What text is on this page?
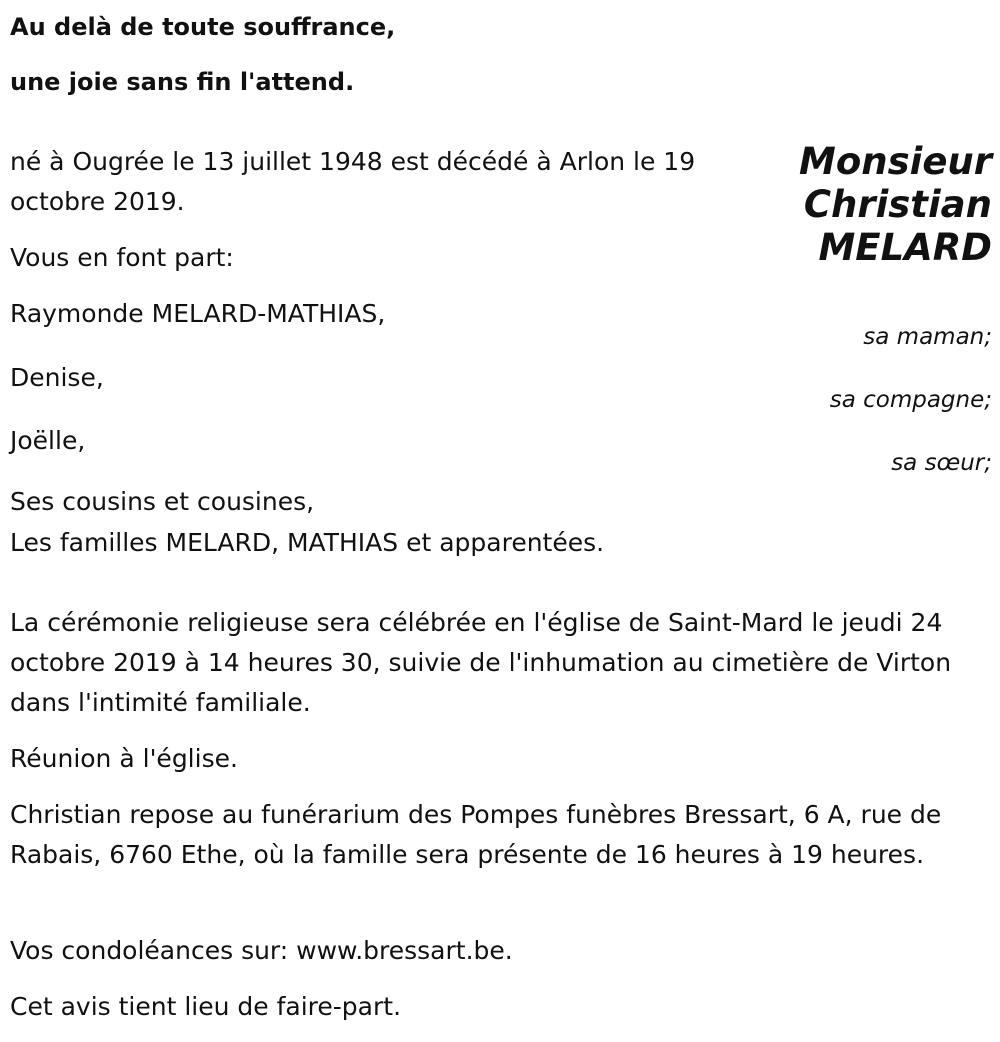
Au delà de toute souffrance,
une joie sans fin l'attend.
né à Ougrée le 13 juillet 1948 est décédé à Arlon le 19 octobre 2019.
Monsieur
Christian
MELARD
Vous en font part:
Raymonde MELARD-MATHIAS,
sa maman;
Denise,
sa compagne;
Joëlle,
sa sœur;
Ses cousins et cousines,
Les familles MELARD, MATHIAS et apparentées.
La cérémonie religieuse sera célébrée en l'église de Saint-Mard le jeudi 24 octobre 2019 à 14 heures 30, suivie de l'inhumation au cimetière de Virton dans l'intimité familiale.
Réunion à l'église.
Christian repose au funérarium des Pompes funèbres Bressart, 6 A, rue de Rabais, 6760 Ethe, où la famille sera présente de 16 heures à 19 heures.
Vos condoléances sur: www.bressart.be.
Cet avis tient lieu de faire-part.
